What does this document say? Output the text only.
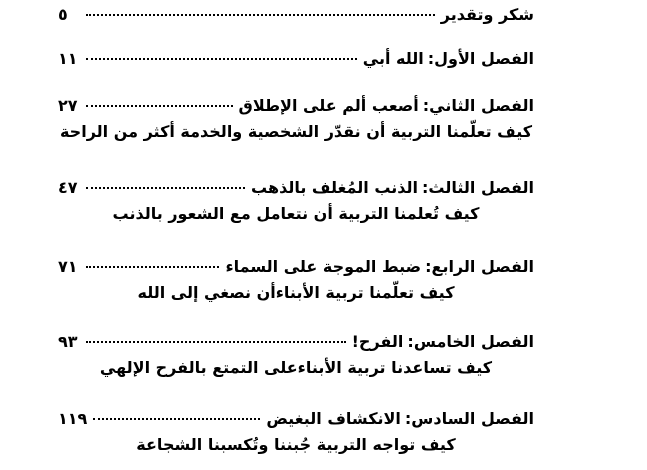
شكر وتقدير
٥
الفصل الأول:
الله أبي
١١
الفصل الثاني:
أصعب ألم على الإطلاق
٢٧
كيف تعلّمنا التربية أن نقدّر الشخصية والخدمة أكثر من الراحة
الفصل الثالث:
الذنب المُغلف بالذهب
٤٧
كيف تُعلمنا التربية أن نتعامل مع الشعور بالذنب
الفصل الرابع:
ضبط الموجة على السماء
٧١
كيف تعلّمنا تربية الأبناءأن نصغي إلى الله
الفصل الخامس:
الفرح!
٩٣
كيف تساعدنا تربية الأبناءعلى التمتع بالفرح الإلهي
الفصل السادس:
الانكشاف البغيض
١١٩
كيف تواجه التربية جُبننا وتُكسبنا الشجاعة
